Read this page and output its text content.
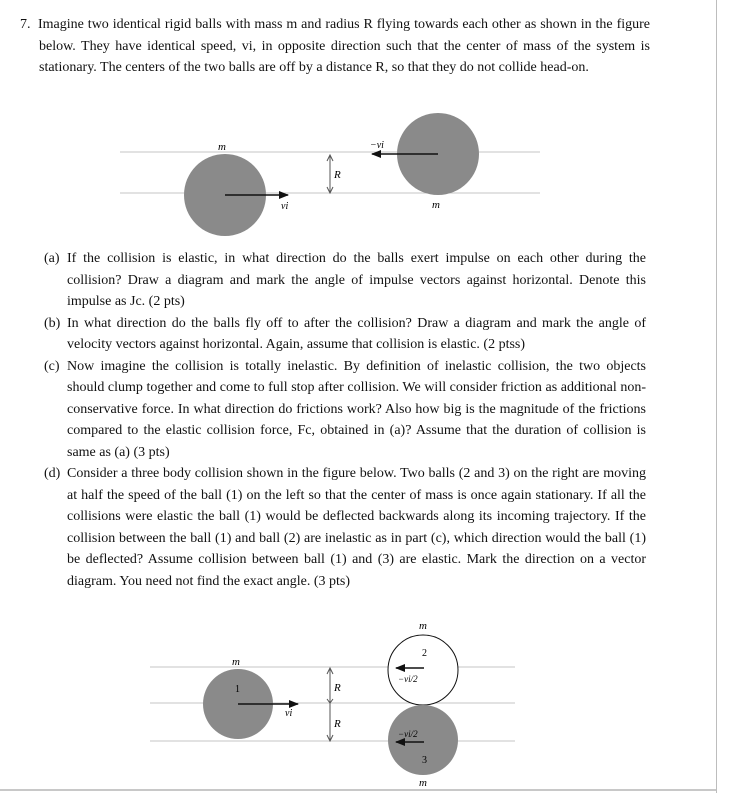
7. Imagine two identical rigid balls with mass m and radius R flying towards each other as shown in the figure below. They have identical speed, vi, in opposite direction such that the center of mass of the system is stationary. The centers of the two balls are off by a distance R, so that they do not collide head-on.

m
m
vi
−vi
R
(a) If the collision is elastic, in what direction do the balls exert impulse on each other during the collision? Draw a diagram and mark the angle of impulse vectors against horizontal. Denote this impulse as Jc. (2 pts)
(b) In what direction do the balls fly off to after the collision? Draw a diagram and mark the angle of velocity vectors against horizontal. Again, assume that collision is elastic. (2 ptss)
(c) Now imagine the collision is totally inelastic. By definition of inelastic collision, the two objects should clump together and come to full stop after collision. We will consider friction as additional non-conservative force. In what direction do frictions work? Also how big is the magnitude of the frictions compared to the elastic collision force, Fc, obtained in (a)? Assume that the duration of collision is same as (a) (3 pts)
(d) Consider a three body collision shown in the figure below. Two balls (2 and 3) on the right are moving at half the speed of the ball (1) on the left so that the center of mass is once again stationary. If all the collisions were elastic the ball (1) would be deflected backwards along its incoming trajectory. If the collision between the ball (1) and ball (2) are inelastic as in part (c), which direction would the ball (1) be deflected? Assume collision between ball (1) and (3) are elastic. Mark the direction on a vector diagram. You need not find the exact angle. (3 pts)
m
m
m
1
2
3
vi
−vi/2
−vi/2
R
R
